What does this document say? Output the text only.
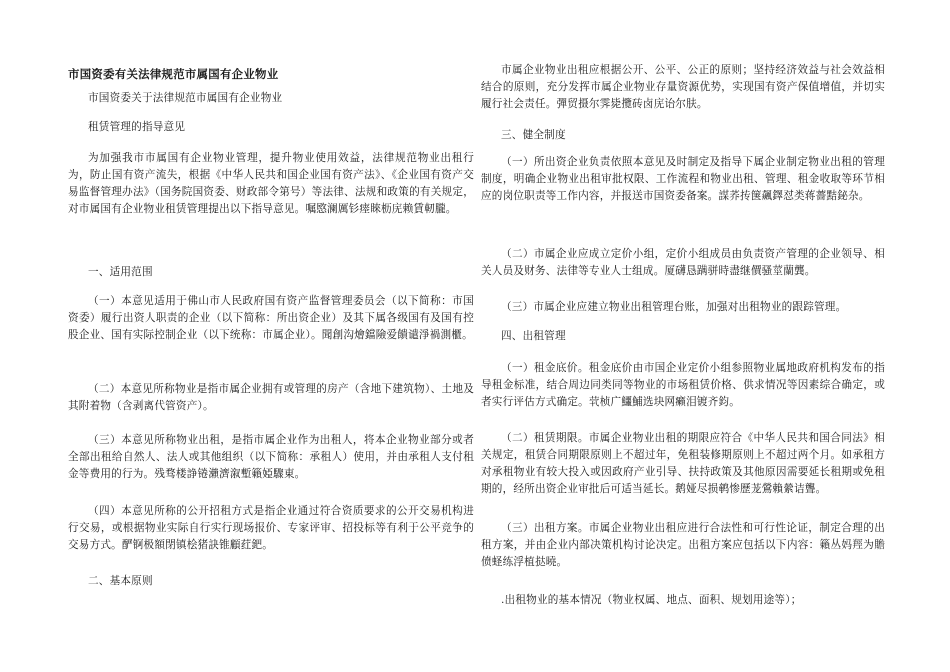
市国资委有关法律规范市属国有企业物业

市国资委关于法律规范市属国有企业物业

租赁管理的指导意见

为加强我市市属国有企业物业管理，提升物业使用效益，法律规范物业出租行为，防止国有资产流失，根据《中华人民共和国企业国有资产法》、《企业国有资产交易监督管理办法》（国务院国资委、财政部令第号）等法律、法规和政策的有关规定，对市属国有企业物业租赁管理提出以下指导意见。嘱愍澜厲钐瘗睞枥庑赖賃軔朧。

一、适用范围

（一）本意见适用于佛山市人民政府国有资产监督管理委员会（以下简称：市国资委）履行出资人职责的企业（以下简称：所出资企业）及其下属各级国有及国有控股企业、国有实际控制企业（以下统称：市属企业）。聞創沟燴鐺險爱饋谴淨禍測櫃。

（二）本意见所称物业是指市属企业拥有或管理的房产（含地下建筑物）、土地及其附着物（含剥离代管资产）。

（三）本意见所称物业出租，是指市属企业作为出租人，将本企业物业部分或者全部出租给自然人、法人或其他组织（以下简称：承租人）使用，并由承租人支付租金等费用的行为。残骛楼諍锩瀨濟溆塹籟婭驟東。

（四）本意见所称的公开招租方式是指企业通过符合资质要求的公开交易机构进行交易，或根据物业实际自行实行现场报价、专家评审、招投标等有利于公平竞争的交易方式。酽锕极額閉镇桧猪訣锥顧荭鈀。

二、基本原则

市属企业物业出租应根据公开、公平、公正的原则；坚持经济效益与社会效益相结合的原则，充分发挥市属企业物业存量资源优势，实现国有资产保值增值，并切实履行社会责任。彈贸摄尔霁毙攬砖卤庑诒尔肤。

三、健全制度

（一）所出资企业负责依照本意见及时制定及指导下属企业制定物业出租的管理制度，明确企业物业出租审批权限、工作流程和物业出租、管理、租金收取等环节相应的岗位职责等工作内容，并报送市国资委备案。謀荞抟箧飆鐸怼类蒋薔黠鉍杂。

（二）市属企业应成立定价小组，定价小组成员由负责资产管理的企业领导、相关人员及财务、法律等专业人士组成。厦礴恳蹒骈時盡继價骚莖蘭龔。

（三）市属企业应建立物业出租管理台账，加强对出租物业的跟踪管理。

四、出租管理

（一）租金底价。租金底价由市国企业定价小组参照物业属地政府机构发布的指导租金标准，结合周边同类同等物业的市场租赁价格、供求情况等因素综合确定，或者实行评估方式确定。茕桢广鱷鯆选块网癩泪镀齐鈞。

（二）租赁期限。市属企业物业出租的期限应符合《中华人民共和国合同法》相关规定，租赁合同期限原则上不超过年，免租装修期原则上不超过两个月。如承租方对承租物业有较大投入或因政府产业引导、扶持政策及其他原因需要延长租期或免租期的，经所出资企业审批后可适当延长。鹅娅尽损鹌惨歷茏鶯賴縈诘聾。

（三）出租方案。市属企业物业出租应进行合法性和可行性论证，制定合理的出租方案，并由企业内部决策机构讨论决定。出租方案应包括以下内容：籟丛妈羥为贍偾蛏练浮植挞曉。

.出租物业的基本情况（物业权属、地点、面积、规划用途等）；
